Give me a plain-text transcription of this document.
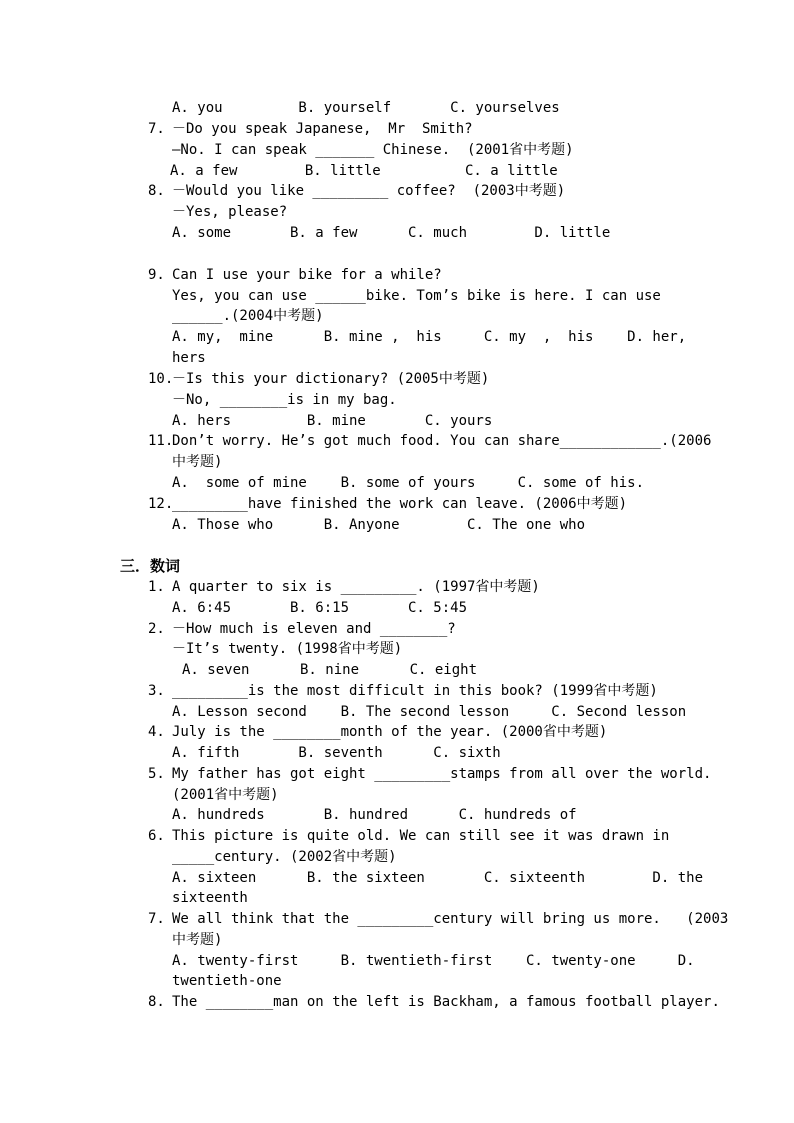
A. you         B. yourself       C. yourselves
7. －Do you speak Japanese,  Mr  Smith?
—No. I can speak _______ Chinese.  (2001省中考题)
A. a few        B. little          C. a little
8. －Would you like _________ coffee?  (2003中考题)
－Yes, please?
A. some       B. a few      C. much        D. little
9. Can I use your bike for a while?
Yes, you can use ______bike. Tom’s bike is here. I can use
______.(2004中考题)
A. my,  mine      B. mine ,  his     C. my  ,  his    D. her,
hers
10.
－Is this your dictionary? (2005中考题)
－No, ________is in my bag.
A. hers         B. mine       C. yours
11.
Don’t worry. He’s got much food. You can share____________.(2006
中考题)
A.  some of mine    B. some of yours     C. some of his.
12.
_________have finished the work can leave. (2006中考题)
A. Those who      B. Anyone        C. The one who
三．数词
1. A quarter to six is _________. (1997省中考题)
A. 6:45       B. 6:15       C. 5:45
2. －How much is eleven and ________?
－It’s twenty. (1998省中考题)
A. seven      B. nine      C. eight
3. _________is the most difficult in this book? (1999省中考题)
A. Lesson second    B. The second lesson     C. Second lesson
4. July is the ________month of the year. (2000省中考题)
A. fifth       B. seventh      C. sixth
5. My father has got eight _________stamps from all over the world.
(2001省中考题)
A. hundreds       B. hundred      C. hundreds of
6. This picture is quite old. We can still see it was drawn in
_____century. (2002省中考题)
A. sixteen      B. the sixteen       C. sixteenth        D. the
sixteenth
7. We all think that the _________century will bring us more.   (2003
中考题)
A. twenty-first     B. twentieth-first    C. twenty-one     D.
twentieth-one
8. The ________man on the left is Backham, a famous football player.
